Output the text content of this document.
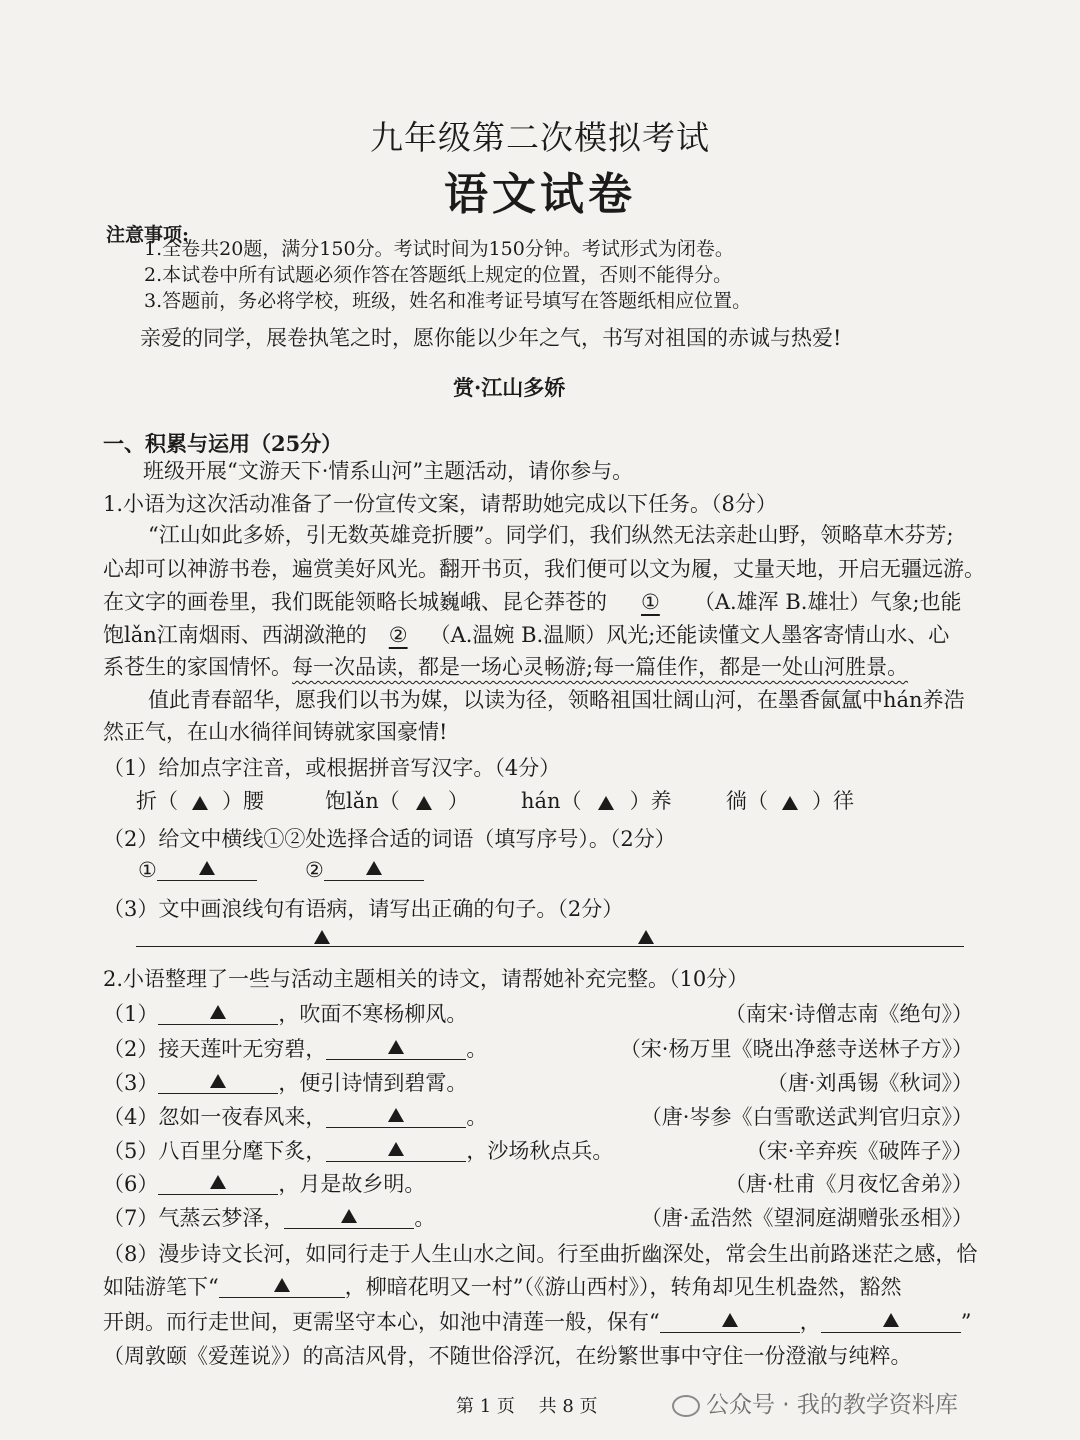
九年级第二次模拟考试
语文试卷
注意事项:
1.全卷共20题，满分150分。考试时间为150分钟。考试形式为闭卷。
2.本试卷中所有试题必须作答在答题纸上规定的位置，否则不能得分。
3.答题前，务必将学校，班级，姓名和准考证号填写在答题纸相应位置。
亲爱的同学，展卷执笔之时，愿你能以少年之气，书写对祖国的赤诚与热爱!
赏·江山多娇
一、积累与运用（25分）
班级开展“文游天下·情系山河”主题活动，请你参与。
1.小语为这次活动准备了一份宣传文案，请帮助她完成以下任务。（8分）
“江山如此多娇，引无数英雄竞折腰”。同学们，我们纵然无法亲赴山野，领略草木芬芳;
心却可以神游书卷，遍赏美好风光。翻开书页，我们便可以文为履，丈量天地，开启无疆远游。
在文字的画卷里，我们既能领略长城巍峨、昆仑莽苍的 ① （A.雄浑 B.雄壮）气象;也能
饱lǎn江南烟雨、西湖潋滟的 ② （A.温婉 B.温顺）风光;还能读懂文人墨客寄情山水、心
系苍生的家国情怀。每一次品读，都是一场心灵畅游;每一篇佳作，都是一处山河胜景。
值此青春韶华，愿我们以书为媒，以读为径，领略祖国壮阔山河，在墨香氤氲中hán养浩
然正气，在山水徜徉间铸就家国豪情!
（1）给加点字注音，或根据拼音写汉字。（4分）
折（ ）腰	饱lǎn（ ） hán（ ）养	徜（ ）徉
（2）给文中横线①②处选择合适的词语（填写序号）。（2分）
①	②
（3）文中画浪线句有语病，请写出正确的句子。（2分）
2.小语整理了一些与活动主题相关的诗文，请帮她补充完整。（10分）
（1）	，吹面不寒杨柳风。	（南宋·诗僧志南《绝句》）
（2）接天莲叶无穷碧，	。	（宋·杨万里《晓出净慈寺送林子方》）
（3）	，便引诗情到碧霄。	（唐·刘禹锡《秋词》）
（4）忽如一夜春风来，	。	（唐·岑参《白雪歌送武判官归京》）
（5）八百里分麾下炙，	，沙场秋点兵。	（宋·辛弃疾《破阵子》）
（6）	，月是故乡明。	（唐·杜甫《月夜忆舍弟》）
（7）气蒸云梦泽，	。	（唐·孟浩然《望洞庭湖赠张丞相》）
（8）漫步诗文长河，如同行走于人生山水之间。行至曲折幽深处，常会生出前路迷茫之感，恰
如陆游笔下“	，柳暗花明又一村”（《游山西村》），转角却见生机盎然，豁然
开朗。而行走世间，更需坚守本心，如池中清莲一般，保有“	，	”
（周敦颐《爱莲说》）的高洁风骨，不随世俗浮沉，在纷繁世事中守住一份澄澈与纯粹。
第 1 页　 共 8 页	公众号 · 我的教学资料库
